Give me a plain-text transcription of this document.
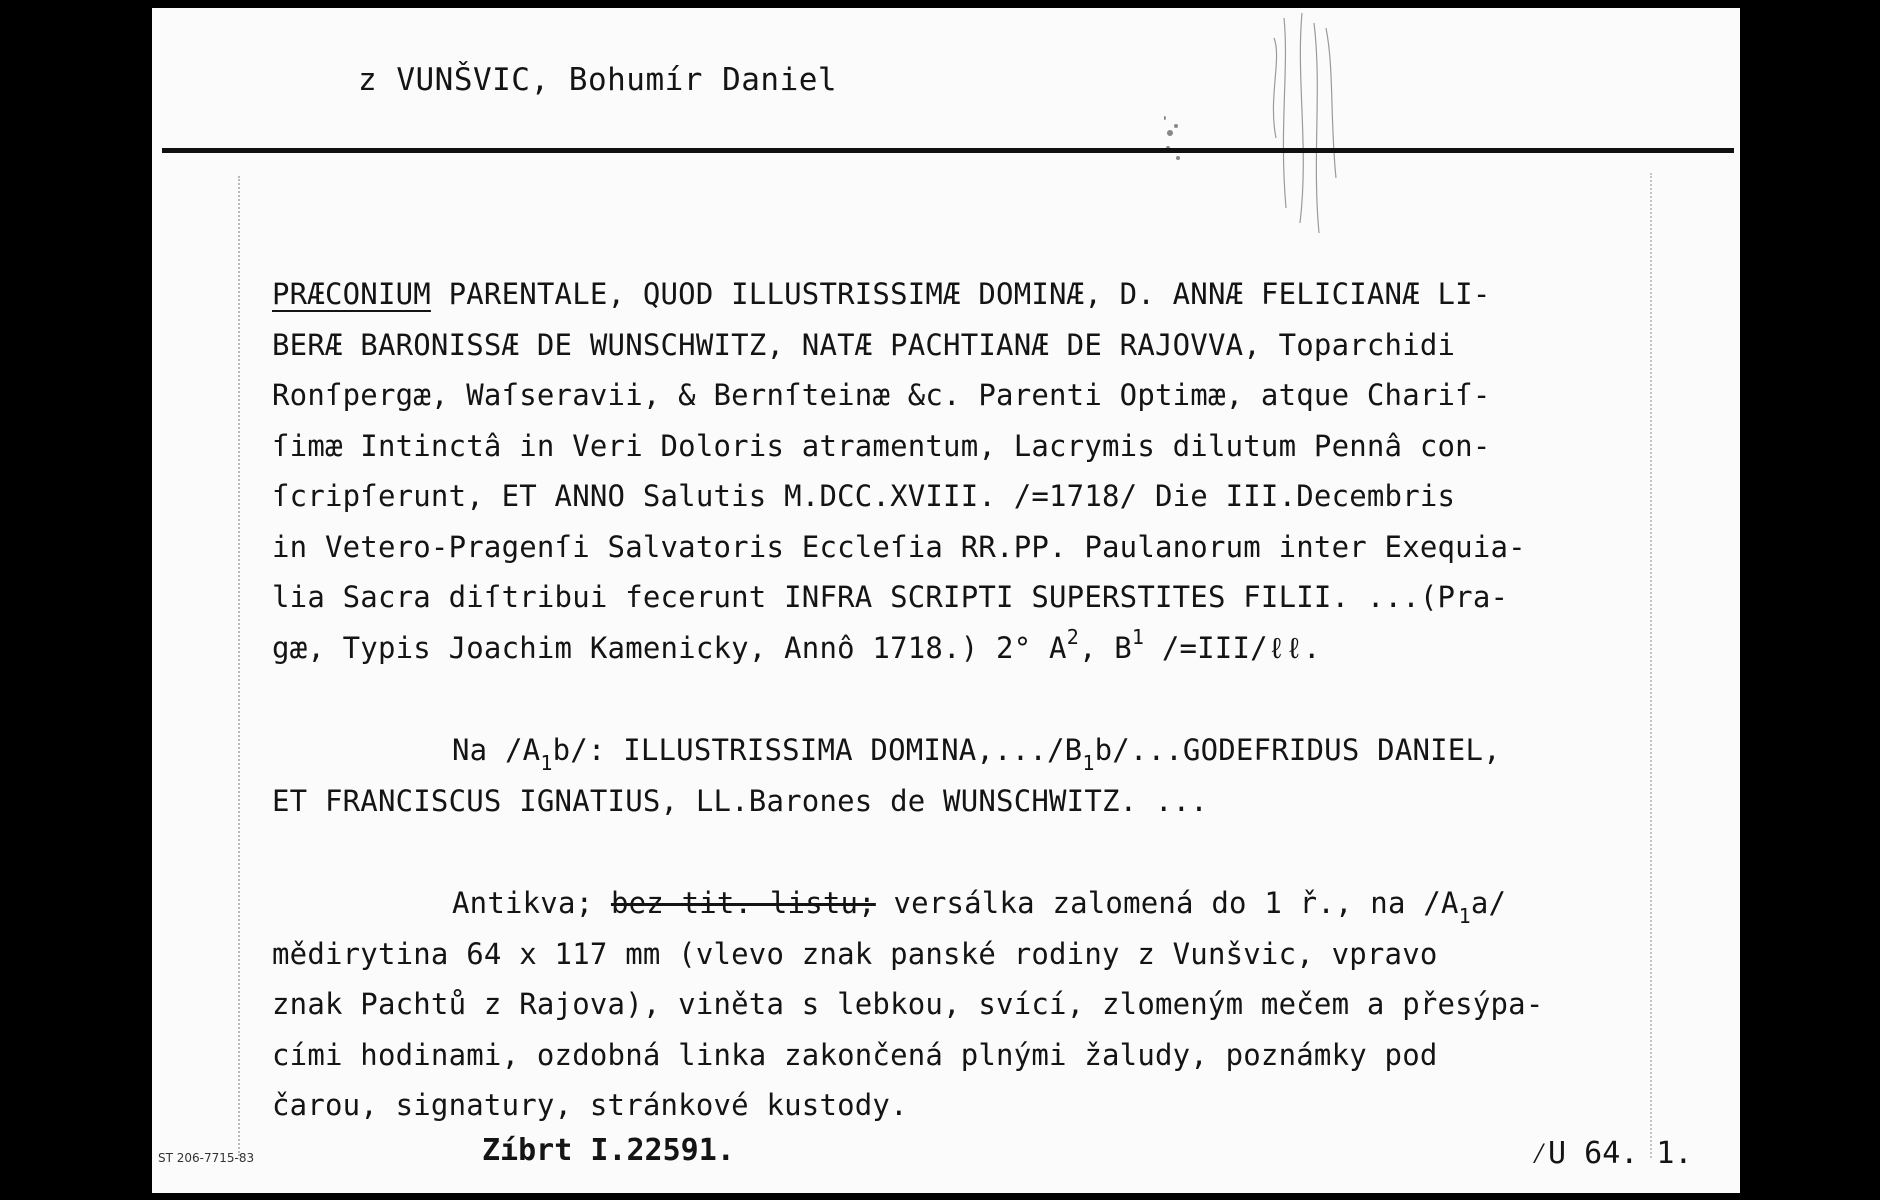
z VUNŠVIC, Bohumír Daniel
PRÆCONIUM PARENTALE, QUOD ILLUSTRISSIMÆ DOMINÆ, D. ANNÆ FELICIANÆ LI-
BERÆ BARONISSÆ DE WUNSCHWITZ, NATÆ PACHTIANÆ DE RAJOVVA, Toparchidi
Ronſpergæ, Waſseravii, & Bernſteinæ &c. Parenti Optimæ, atque Chariſ-
ſimæ Intinctâ in Veri Doloris atramentum, Lacrymis dilutum Pennâ con-
ſcripſerunt, ET ANNO Salutis M.DCC.XVIII. /=1718/ Die III.Decembris
in Vetero-Pragenſi Salvatoris Eccleſia RR.PP. Paulanorum inter Exequia-
lia Sacra diſtribui fecerunt INFRA SCRIPTI SUPERSTITES FILII. ...(Pra-
gæ, Typis Joachim Kamenicky, Annô 1718.) 2° $A^2$, $B^1$ /=III/ℓℓ.
Na $/A_1b/$: ILLUSTRISSIMA $DOMINA,.../B_1b/...GODEFRIDUS$ DANIEL,
ET FRANCISCUS IGNATIUS, LL.Barones de WUNSCHWITZ. ...
Antikva; bez tit. listu; versálka zalomená do 1 ř., na $/A_1a/$
mědirytina 64 x 117 mm (vlevo znak panské rodiny z Vunšvic, vpravo
znak Pachtů z Rajova), viněta s lebkou, svící, zlomeným mečem a přesýpa-
cími hodinami, ozdobná linka zakončená plnými žaludy, poznámky pod
čarou, signatury, stránkové kustody.
Zíbrt I.22591.	⁄U 64. 1.
ST 206-7715-83
